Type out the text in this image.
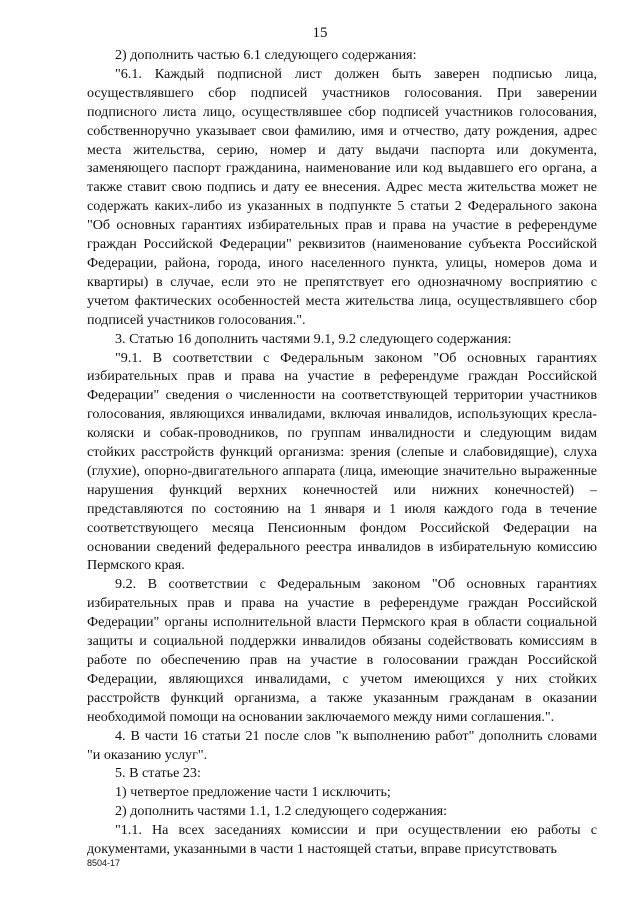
15

2) дополнить частью 6.1 следующего содержания:

"6.1. Каждый подписной лист должен быть заверен подписью лица, осуществлявшего сбор подписей участников голосования. При заверении подписного листа лицо, осуществлявшее сбор подписей участников голосования, собственноручно указывает свои фамилию, имя и отчество, дату рождения, адрес места жительства, серию, номер и дату выдачи паспорта или документа, заменяющего паспорт гражданина, наименование или код выдавшего его органа, а также ставит свою подпись и дату ее внесения. Адрес места жительства может не содержать каких-либо из указанных в подпункте 5 статьи 2 Федерального закона "Об основных гарантиях избирательных прав и права на участие в референдуме граждан Российской Федерации" реквизитов (наименование субъекта Российской Федерации, района, города, иного населенного пункта, улицы, номеров дома и квартиры) в случае, если это не препятствует его однозначному восприятию с учетом фактических особенностей места жительства лица, осуществлявшего сбор подписей участников голосования.".

3. Статью 16 дополнить частями 9.1, 9.2 следующего содержания:

"9.1. В соответствии с Федеральным законом "Об основных гарантиях избирательных прав и права на участие в референдуме граждан Российской Федерации" сведения о численности на соответствующей территории участников голосования, являющихся инвалидами, включая инвалидов, использующих кресла-коляски и собак-проводников, по группам инвалидности и следующим видам стойких расстройств функций организма: зрения (слепые и слабовидящие), слуха (глухие), опорно-двигательного аппарата (лица, имеющие значительно выраженные нарушения функций верхних конечностей или нижних конечностей) – представляются по состоянию на 1 января и 1 июля каждого года в течение соответствующего месяца Пенсионным фондом Российской Федерации на основании сведений федерального реестра инвалидов в избирательную комиссию Пермского края.

9.2. В соответствии с Федеральным законом "Об основных гарантиях избирательных прав и права на участие в референдуме граждан Российской Федерации" органы исполнительной власти Пермского края в области социальной защиты и социальной поддержки инвалидов обязаны содействовать комиссиям в работе по обеспечению прав на участие в голосовании граждан Российской Федерации, являющихся инвалидами, с учетом имеющихся у них стойких расстройств функций организма, а также указанным гражданам в оказании необходимой помощи на основании заключаемого между ними соглашения.".

4. В части 16 статьи 21 после слов "к выполнению работ" дополнить словами "и оказанию услуг".

5. В статье 23:

1) четвертое предложение части 1 исключить;

2) дополнить частями 1.1, 1.2 следующего содержания:

"1.1. На всех заседаниях комиссии и при осуществлении ею работы с документами, указанными в части 1 настоящей статьи, вправе присутствовать

8504-17
